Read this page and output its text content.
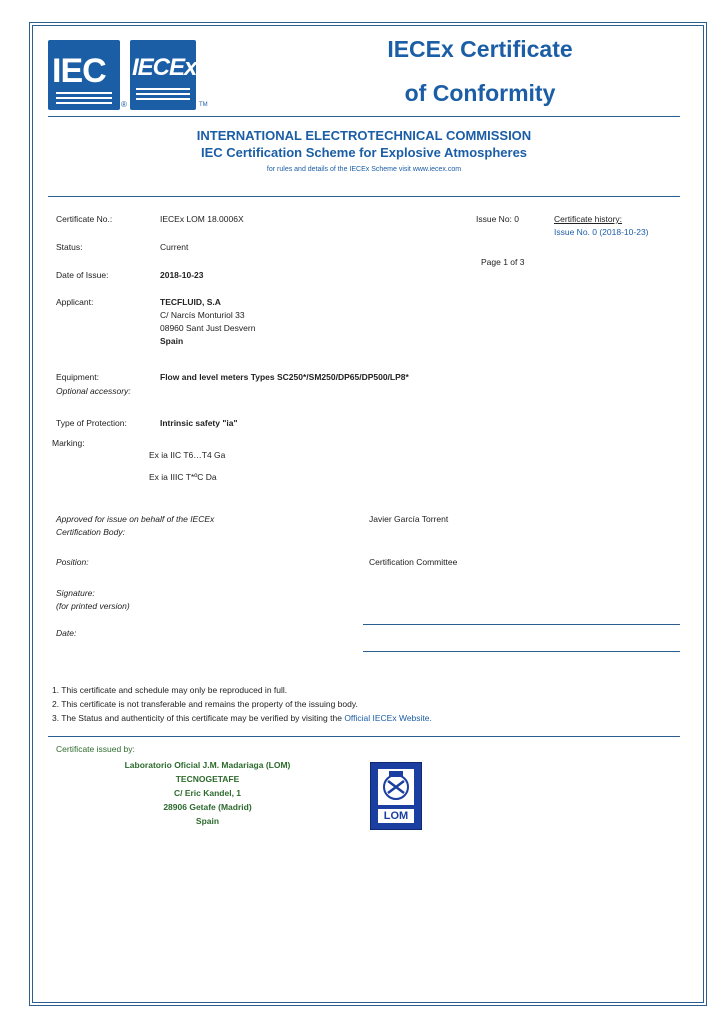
IEC
®
IECEx
TM
IECEx Certificate
of Conformity
INTERNATIONAL ELECTROTECHNICAL COMMISSION
IEC Certification Scheme for Explosive Atmospheres
for rules and details of the IECEx Scheme visit www.iecex.com
Certificate No.:	IECEx LOM 18.0006X	Issue No: 0	Certificate history:
Issue No. 0 (2018-10-23)
Status:	Current
Page 1 of 3
Date of Issue:	2018-10-23
Applicant:	TECFLUID, S.A
C/ Narcís Monturiol 33
08960 Sant Just Desvern
Spain
Equipment:	Flow and level meters Types SC250*/SM250/DP65/DP500/LP8*
Optional accessory:
Type of Protection:	Intrinsic safety "ia"
Marking:
Ex ia IIC T6…T4 Ga
Ex ia IIIC T*ºC Da
Approved for issue on behalf of the IECEx
Certification Body:
Javier García Torrent
Position:	Certification Committee
Signature:
(for printed version)
Date:
1. This certificate and schedule may only be reproduced in full.
2. This certificate is not transferable and remains the property of the issuing body.
3. The Status and authenticity of this certificate may be verified by visiting the Official IECEx Website.
Certificate issued by:
Laboratorio Oficial J.M. Madariaga (LOM)
TECNOGETAFE
C/ Eric Kandel, 1
28906 Getafe (Madrid)
Spain	LOM
